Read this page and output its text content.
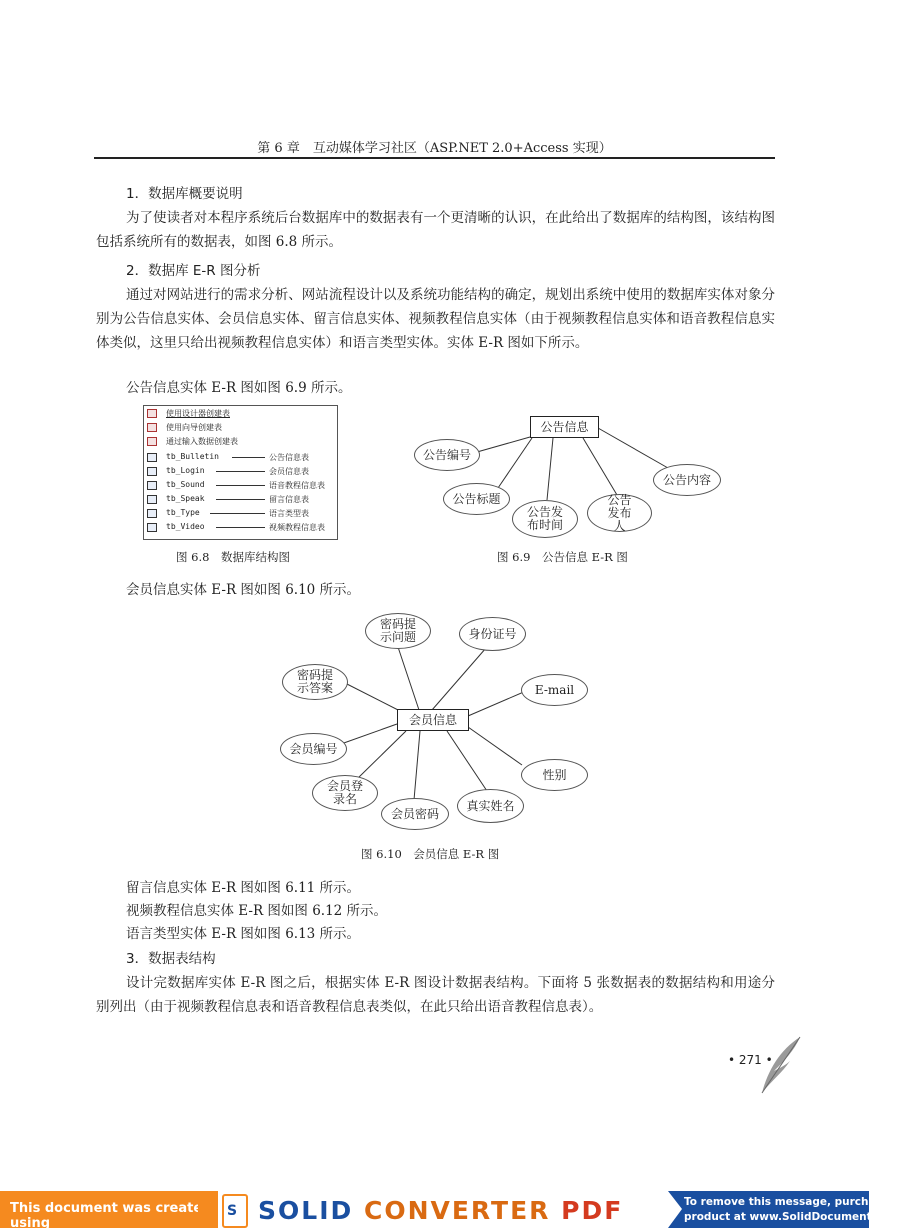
第 6 章　互动媒体学习社区（ASP.NET 2.0+Access 实现）
1．数据库概要说明
为了使读者对本程序系统后台数据库中的数据表有一个更清晰的认识，在此给出了数据库的结构图，该结构图包括系统所有的数据表，如图 6.8 所示。
2．数据库 E-R 图分析
通过对网站进行的需求分析、网站流程设计以及系统功能结构的确定，规划出系统中使用的数据库实体对象分别为公告信息实体、会员信息实体、留言信息实体、视频教程信息实体（由于视频教程信息实体和语音教程信息实体类似，这里只给出视频教程信息实体）和语言类型实体。实体 E-R 图如下所示。
公告信息实体 E-R 图如图 6.9 所示。
使用设计器创建表
使用向导创建表
通过输入数据创建表
tb_Bulletin	公告信息表
tb_Login	会员信息表
tb_Sound	语音教程信息表
tb_Speak	留言信息表
tb_Type	语言类型表
tb_Video	视频教程信息表
图 6.8　数据库结构图
公告信息
公告编号
公告标题
公告发布时间
公告发布人
公告内容
图 6.9　公告信息 E-R 图
会员信息实体 E-R 图如图 6.10 所示。
会员信息
密码提示问题	身份证号
密码提示答案	E-mail
会员编号
性别
会员登录名
会员密码
真实姓名
图 6.10　会员信息 E-R 图
留言信息实体 E-R 图如图 6.11 所示。
视频教程信息实体 E-R 图如图 6.12 所示。
语言类型实体 E-R 图如图 6.13 所示。
3．数据表结构
设计完数据库实体 E-R 图之后，根据实体 E-R 图设计数据表结构。下面将 5 张数据表的数据结构和用途分别列出（由于视频教程信息表和语音教程信息表类似，在此只给出语音教程信息表）。
• 271 •
This document was created using
S SOLID CONVERTER PDF	To remove this message, purchase the
product at www.SolidDocuments.com
